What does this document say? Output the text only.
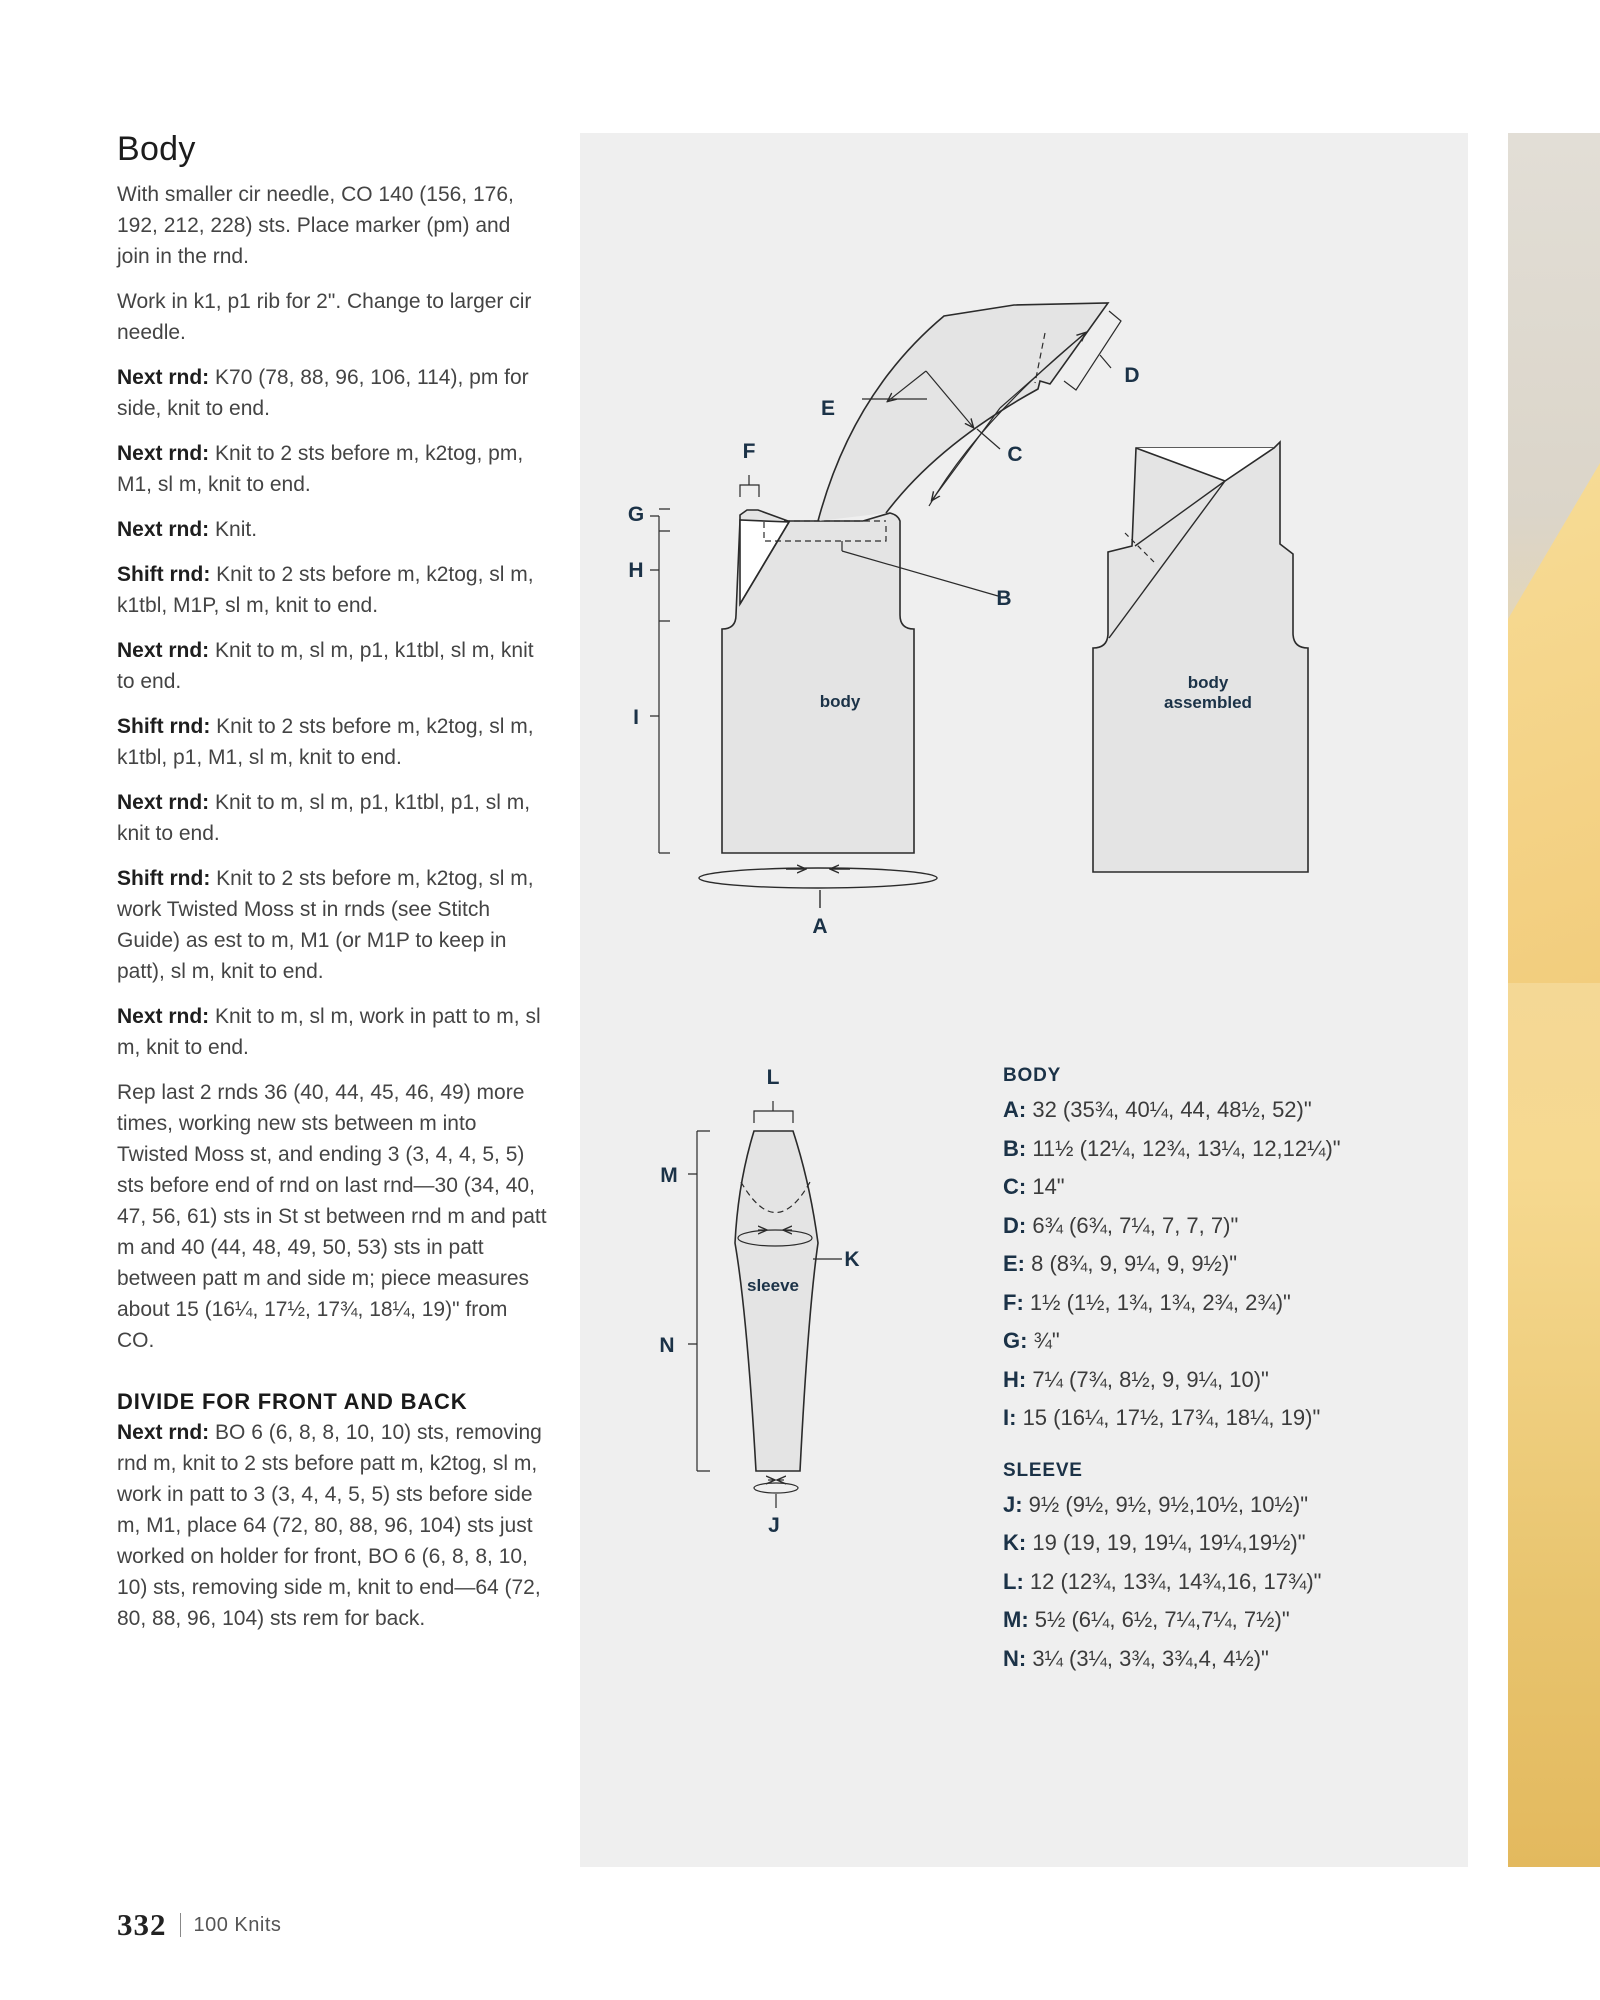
Body

With smaller cir needle, CO 140 (156, 176, 192, 212, 228) sts. Place marker (pm) and join in the rnd.

Work in k1, p1 rib for 2". Change to larger cir needle.

Next rnd: K70 (78, 88, 96, 106, 114), pm for side, knit to end.

Next rnd: Knit to 2 sts before m, k2tog, pm, M1, sl m, knit to end.

Next rnd: Knit.

Shift rnd: Knit to 2 sts before m, k2tog, sl m, k1tbl, M1P, sl m, knit to end.

Next rnd: Knit to m, sl m, p1, k1tbl, sl m, knit to end.

Shift rnd: Knit to 2 sts before m, k2tog, sl m, k1tbl, p1, M1, sl m, knit to end.

Next rnd: Knit to m, sl m, p1, k1tbl, p1, sl m, knit to end.

Shift rnd: Knit to 2 sts before m, k2tog, sl m, work Twisted Moss st in rnds (see Stitch Guide) as est to m, M1 (or M1P to keep in patt), sl m, knit to end.

Next rnd: Knit to m, sl m, work in patt to m, sl m, knit to end.

Rep last 2 rnds 36 (40, 44, 45, 46, 49) more times, working new sts between m into Twisted Moss st, and ending 3 (3, 4, 4, 5, 5) sts before end of rnd on last rnd—30 (34, 40, 47, 56, 61) sts in St st between rnd m and patt m and 40 (44, 48, 49, 50, 53) sts in patt between patt m and side m; piece measures about 15 (16¼, 17½, 17¾, 18¼, 19)" from CO.

DIVIDE FOR FRONT AND BACK

Next rnd: BO 6 (6, 8, 8, 10, 10) sts, removing rnd m, knit to 2 sts before patt m, k2tog, sl m, work in patt to 3 (3, 4, 4, 5, 5) sts before side m, M1, place 64 (72, 80, 88, 96, 104) sts just worked on holder for front, BO 6 (6, 8, 8, 10, 10) sts, removing side m, knit to end—64 (72, 80, 88, 96, 104) sts rem for back.

A
B
C
D
E
F
G
H
I
J
K
L
M
N
body
body
assembled
sleeve
BODY
A: 32 (35¾, 40¼, 44, 48½, 52)"
B: 11½ (12¼, 12¾, 13¼, 12,12¼)"
C: 14"
D: 6¾ (6¾, 7¼, 7, 7, 7)"
E: 8 (8¾, 9, 9¼, 9, 9½)"
F: 1½ (1½, 1¾, 1¾, 2¾, 2¾)"
G: ¾"
H: 7¼ (7¾, 8½, 9, 9¼, 10)"
I: 15 (16¼, 17½, 17¾, 18¼, 19)"
SLEEVE
J: 9½ (9½, 9½, 9½,10½, 10½)"
K: 19 (19, 19, 19¼, 19¼,19½)"
L: 12 (12¾, 13¾, 14¾,16, 17¾)"
M: 5½ (6¼, 6½, 7¼,7¼, 7½)"
N: 3¼ (3¼, 3¾, 3¾,4, 4½)"
332 100 Knits
